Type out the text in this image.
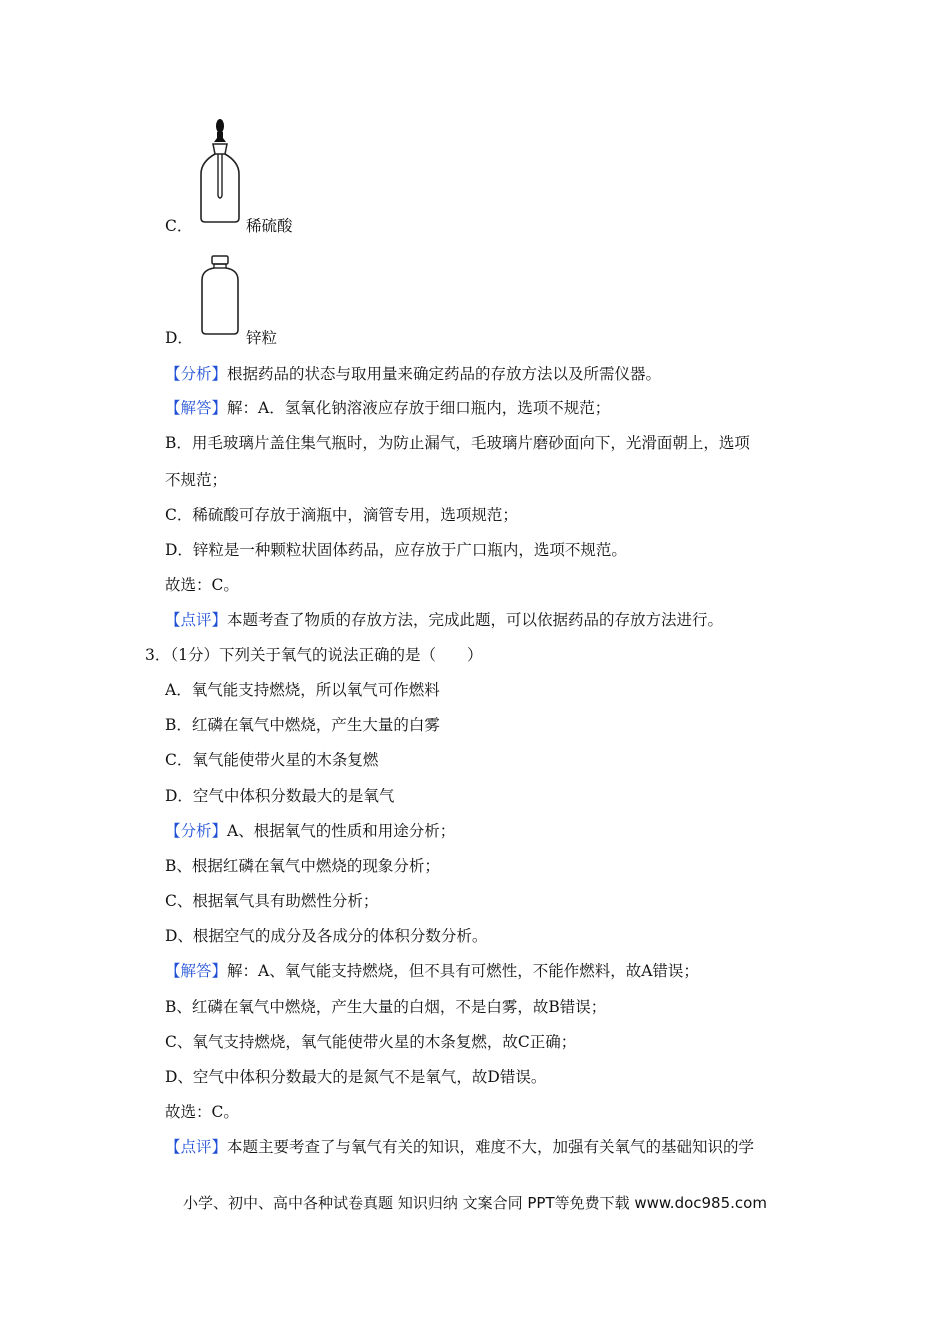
C．	稀硫酸
D．	锌粒
【分析】根据药品的状态与取用量来确定药品的存放方法以及所需仪器。
【解答】解：A．氢氧化钠溶液应存放于细口瓶内，选项不规范；
B．用毛玻璃片盖住集气瓶时，为防止漏气，毛玻璃片磨砂面向下，光滑面朝上，选项
不规范；
C．稀硫酸可存放于滴瓶中，滴管专用，选项规范；
D．锌粒是一种颗粒状固体药品，应存放于广口瓶内，选项不规范。
故选：C。
【点评】本题考查了物质的存放方法，完成此题，可以依据药品的存放方法进行。
3．（1分）下列关于氧气的说法正确的是（　　）
A．氧气能支持燃烧，所以氧气可作燃料
B．红磷在氧气中燃烧，产生大量的白雾
C．氧气能使带火星的木条复燃
D．空气中体积分数最大的是氧气
【分析】A、根据氧气的性质和用途分析；
B、根据红磷在氧气中燃烧的现象分析；
C、根据氧气具有助燃性分析；
D、根据空气的成分及各成分的体积分数分析。
【解答】解：A、氧气能支持燃烧，但不具有可燃性，不能作燃料，故A错误；
B、红磷在氧气中燃烧，产生大量的白烟，不是白雾，故B错误；
C、氧气支持燃烧，氧气能使带火星的木条复燃，故C正确；
D、空气中体积分数最大的是氮气不是氧气，故D错误。
故选：C。
【点评】本题主要考查了与氧气有关的知识，难度不大，加强有关氧气的基础知识的学
小学、初中、高中各种试卷真题 知识归纳 文案合同 PPT等免费下载 www.doc985.com
